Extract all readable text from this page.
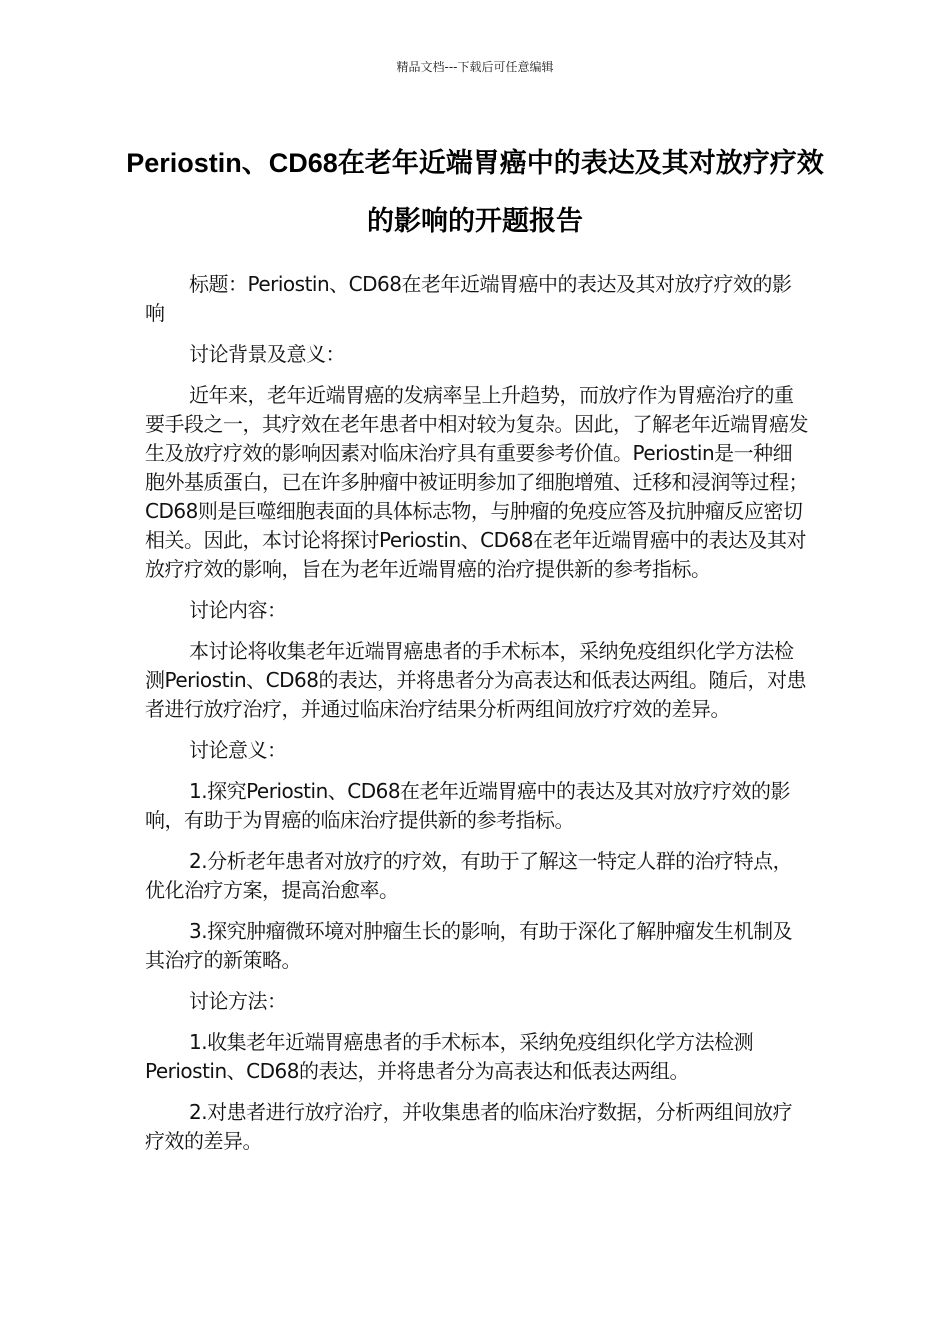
精品文档---下载后可任意编辑
Periostin、CD68在老年近端胃癌中的表达及其对放疗疗效的影响的开题报告

标题：Periostin、CD68在老年近端胃癌中的表达及其对放疗疗效的影响

讨论背景及意义：

近年来，老年近端胃癌的发病率呈上升趋势，而放疗作为胃癌治疗的重要手段之一，其疗效在老年患者中相对较为复杂。因此，了解老年近端胃癌发生及放疗疗效的影响因素对临床治疗具有重要参考价值。Periostin是一种细胞外基质蛋白，已在许多肿瘤中被证明参加了细胞增殖、迁移和浸润等过程；CD68则是巨噬细胞表面的具体标志物，与肿瘤的免疫应答及抗肿瘤反应密切相关。因此，本讨论将探讨Periostin、CD68在老年近端胃癌中的表达及其对放疗疗效的影响，旨在为老年近端胃癌的治疗提供新的参考指标。

讨论内容：

本讨论将收集老年近端胃癌患者的手术标本，采纳免疫组织化学方法检测Periostin、CD68的表达，并将患者分为高表达和低表达两组。随后，对患者进行放疗治疗，并通过临床治疗结果分析两组间放疗疗效的差异。

讨论意义：

1.探究Periostin、CD68在老年近端胃癌中的表达及其对放疗疗效的影响，有助于为胃癌的临床治疗提供新的参考指标。

2.分析老年患者对放疗的疗效，有助于了解这一特定人群的治疗特点，优化治疗方案，提高治愈率。

3.探究肿瘤微环境对肿瘤生长的影响，有助于深化了解肿瘤发生机制及其治疗的新策略。

讨论方法：

1.收集老年近端胃癌患者的手术标本，采纳免疫组织化学方法检测Periostin、CD68的表达，并将患者分为高表达和低表达两组。

2.对患者进行放疗治疗，并收集患者的临床治疗数据，分析两组间放疗疗效的差异。
